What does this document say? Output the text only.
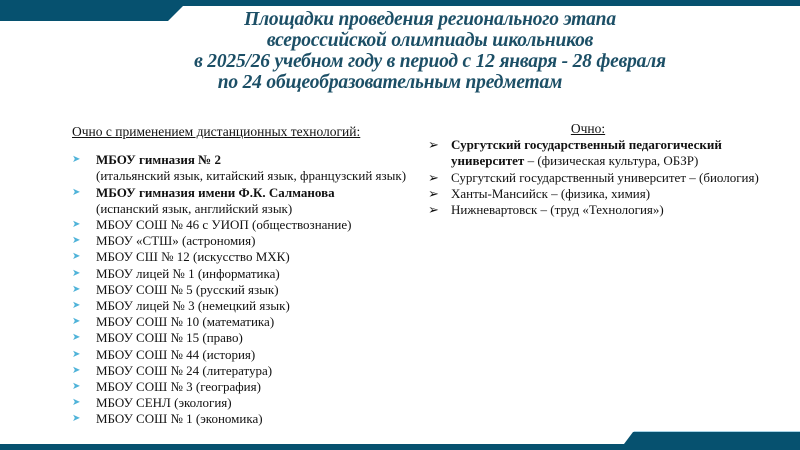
Площадки проведения регионального этапа
всероссийской олимпиады школьников
в 2025/26 учебном году в период с 12 января - 28 февраля
по 24 общеобразовательным предметам
Очно с применением дистанционных технологий:
➤ МБОУ гимназия № 2
(итальянский язык, китайский язык, французский язык)
➤ МБОУ гимназия имени Ф.К. Салманова
(испанский язык, английский язык)
➤ МБОУ СОШ № 46 с УИОП (обществознание)
➤ МБОУ «СТШ» (астрономия)
➤ МБОУ СШ № 12 (искусство МХК)
➤ МБОУ лицей № 1 (информатика)
➤ МБОУ СОШ № 5 (русский язык)
➤ МБОУ лицей № 3 (немецкий язык)
➤ МБОУ СОШ № 10 (математика)
➤ МБОУ СОШ № 15 (право)
➤ МБОУ СОШ № 44 (история)
➤ МБОУ СОШ № 24 (литература)
➤ МБОУ СОШ № 3 (география)
➤ МБОУ СЕНЛ (экология)
➤ МБОУ СОШ № 1 (экономика)
Очно:
➢ Сургутский государственный педагогический университет – (физическая культура, ОБЗР)
➢ Сургутский государственный университет – (биология)
➢ Ханты-Мансийск – (физика, химия)
➢ Нижневартовск – (труд «Технология»)
